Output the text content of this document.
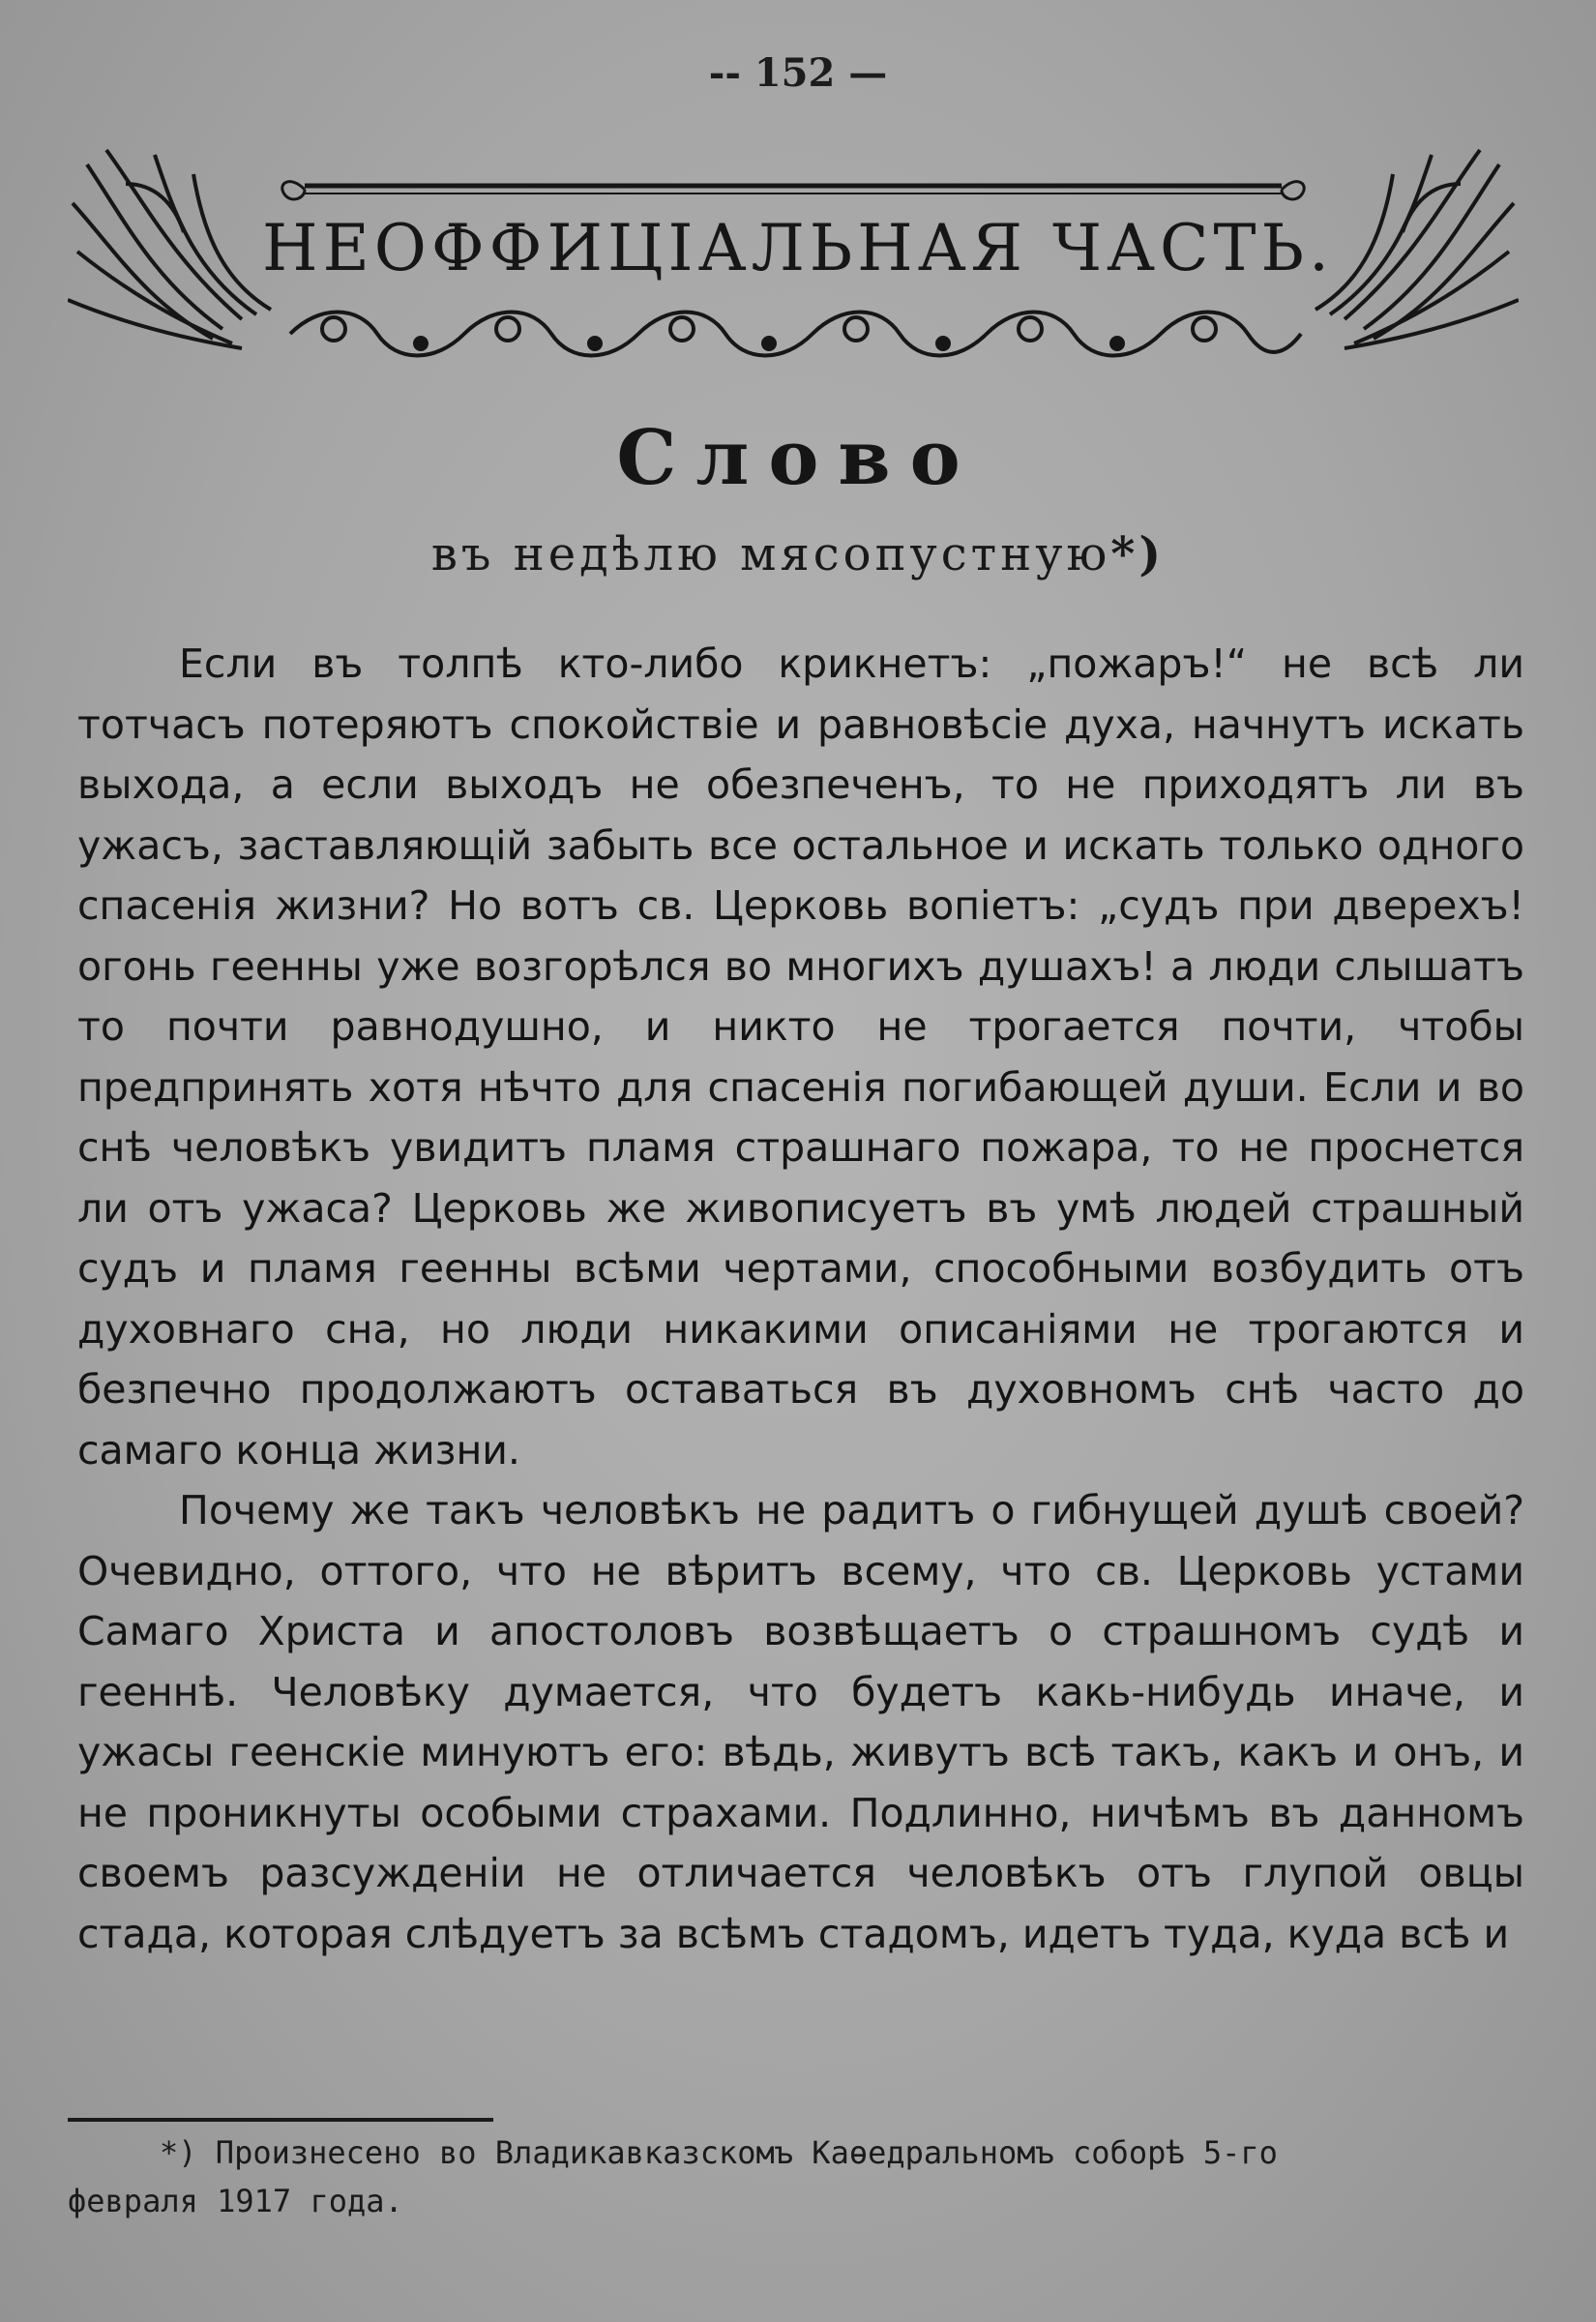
-- 152 —
НЕОФФИЦІАЛЬНАЯ ЧАСТЬ.
Слово
въ недѣлю мясопустную*)

Если въ толпѣ кто-либо крикнетъ: „пожаръ!“ не всѣ ли тотчасъ потеряютъ спокойствіе и равновѣсіе духа, начнутъ искать выхода, а если выходъ не обезпеченъ, то не приходятъ ли въ ужасъ, заставляющій забыть все остальное и искать только одного спасенія жизни? Но вотъ св. Церковь вопіетъ: „судъ при дверехъ! огонь геенны уже возгорѣлся во многихъ душахъ! а люди слышатъ то почти равнодушно, и никто не трогается почти, чтобы предпринять хотя нѣчто для спасенія погибающей души. Если и во снѣ человѣкъ увидитъ пламя страшнаго пожара, то не проснется ли отъ ужаса? Церковь же живописуетъ въ умѣ людей страшный судъ и пламя геенны всѣми чертами, способными возбудить отъ духовнаго сна, но люди никакими описаніями не трогаются и безпечно продолжаютъ оставаться въ духовномъ снѣ часто до самаго конца жизни.

Почему же такъ человѣкъ не радитъ о гибнущей душѣ своей? Очевидно, оттого, что не вѣритъ всему, что св. Церковь устами Самаго Христа и апостоловъ возвѣщаетъ о страшномъ судѣ и гееннѣ. Человѣку думается, что будетъ какь-нибудь иначе, и ужасы геенскіе минуютъ его: вѣдь, живутъ всѣ такъ, какъ и онъ, и не проникнуты особыми страхами. Подлинно, ничѣмъ въ данномъ своемъ разсужденіи не отличается человѣкъ отъ глупой овцы стада, которая слѣдуетъ за всѣмъ стадомъ, идетъ туда, куда всѣ и

*) Произнесено во Владикавказскомъ Каѳедральномъ соборѣ 5-го
февраля 1917 года.
